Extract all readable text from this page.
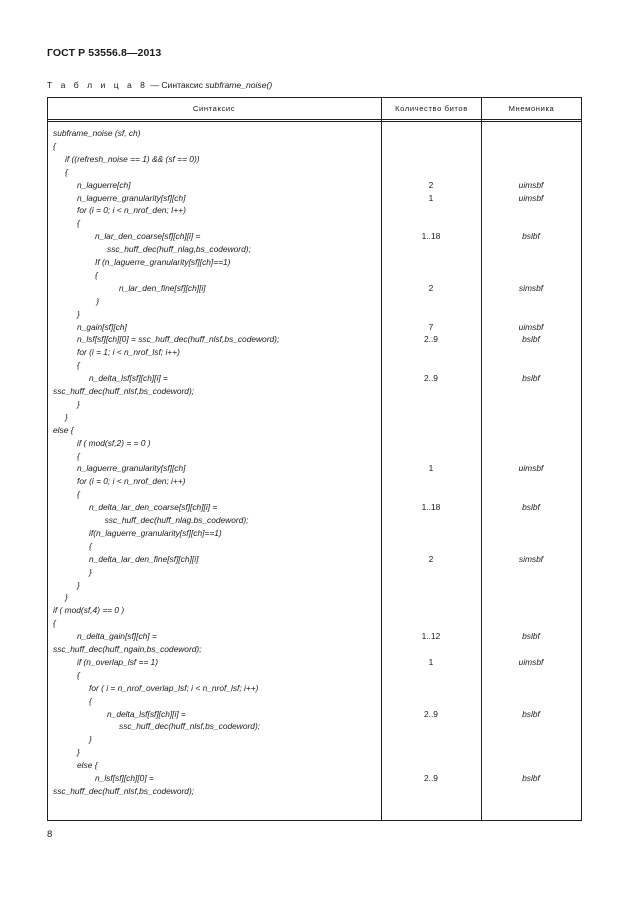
ГОСТ Р 53556.8—2013
Т а б л и ц а 8 — Синтаксис subframe_noise()
Синтаксис	Количество битов	Мнемоника
subframe_noise (sf, ch)
{
if ((refresh_noise == 1) && (sf == 0))
{
n_laguerre[ch]	2	uimsbf
n_laguerre_granularity[sf][ch]	1	uimsbf
for (i = 0; i < n_nrof_den; I++)
{
n_lar_den_coarse[sf][ch][i] =	1..18	bslbf
ssc_huff_dec(huff_nlag,bs_codeword);
If (n_laguerre_granularity[sf][ch]==1)
{
n_lar_den_fine[sf][ch][i]	2	simsbf
}
}
n_gain[sf][ch]	7	uimsbf
n_lsf[sf][ch][0] = ssc_huff_dec(huff_nlsf,bs_codeword);	2..9	bslbf
for (i = 1; i < n_nrof_lsf; i++)
{
n_delta_lsf[sf][ch][i] =	2..9	bslbf
ssc_huff_dec(huff_nlsf,bs_codeword);
}
}
else {
if ( mod(sf,2) = = 0 )
{
n_laguerre_granularity[sf][ch]	1	uimsbf
for (i = 0; i < n_nrof_den; i++)
{
n_delta_lar_den_coarse[sf][ch][i] =	1..18	bslbf
ssc_huff_dec(huff_nlag.bs_codeword);
if(n_laguerre_granularity[sf][ch]==1)
{
n_delta_lar_den_fine[sf][ch][i]	2	simsbf
}
}
}
if ( mod(sf,4) == 0 )
{
n_delta_gain[sf][ch] =	1..12	bslbf
ssc_huff_dec(huff_ngain,bs_codeword);
if (n_overlap_lsf == 1)	1	uimsbf
{
for ( i = n_nrof_overlap_lsf; i < n_nrof_lsf; i++)
{
n_delta_lsf[sf][ch][i] =	2..9	bslbf
ssc_huff_dec(huff_nlsf,bs_codeword);
}
}
else {
n_lsf[sf][ch][0] =	2..9	bslbf
ssc_huff_dec(huff_nlsf,bs_codeword);
8
